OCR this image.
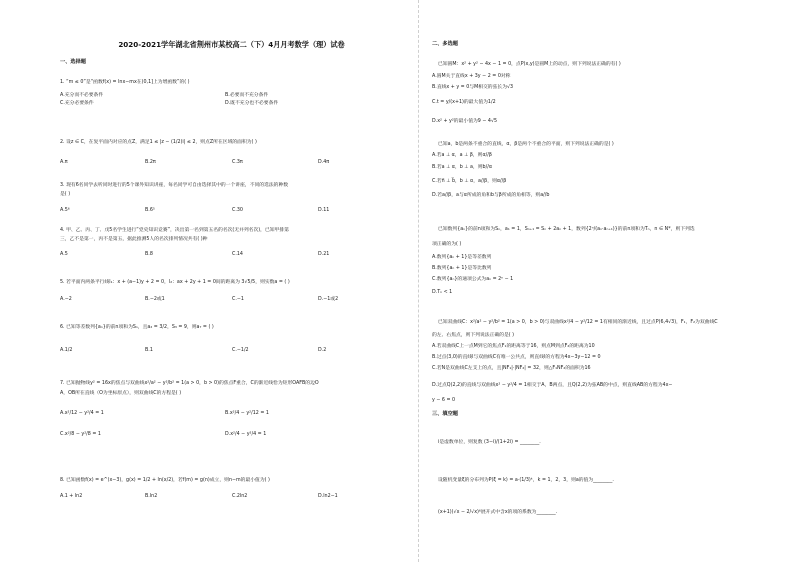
2020-2021学年湖北省荆州市某校高二（下）4月月考数学（理）试卷
一、选择题
1. “m ≤ 0”是“函数f(x) = lnx−mx在(0,1]上为增函数”的( )
A.充分而不必要条件	B.必要而不充分条件
C.充分必要条件	D.既不充分也不必要条件
2. 设z ∈ C，在复平面内对应的点Z，满足1 ≤ |z − (1/2)i| ≤ 2，则点Z所在区域的面积为( )
A.π	B.2π	C.3π	D.4π
3. 现有6名同学去听同时进行的5个课外知识讲座，每名同学可自由选择其中的一个讲座，不同的选法的种数
是( )
A.5⁶	B.6⁵	C.30	D.11
4. 甲、乙、丙、丁、戊5名学生进行“党史知识竞赛”，决出第一名到第五名的名次(无并列名次)，已知甲排第
三，乙不是第一，丙不是第五，据此推测5人的名次排列情况共有( )种
A.5	B.8	C.14	D.21
5. 若平面内两条平行线l₁：x + (a−1)y + 2 = 0，l₂：ax + 2y + 1 = 0间的距离为 3√5/5，则实数a = ( )
A.−2	B.−2或1	C.−1	D.−1或2
6. 已知等差数列{aₙ}的前n项和为Sₙ，且a₂ = 3/2，S₃ = 9，则a₇ = ( )
A.1/2	B.1	C.−1/2	D.2
7. 已知抛物线y² = 16x的焦点与双曲线x²/a² − y²/b² = 1(a > 0，b > 0)的焦点F重合，C的渐近线恰为矩形OAFB的边O
A，OB所在直线（O为坐标原点），则双曲线C的方程是( )
A.x²/12 − y²/4 = 1	B.x²/4 − y²/12 = 1
C.x²/8 − y²/8 = 1	D.x²/4 − y²/4 = 1
8. 已知函数f(x) = e^(x−3)，g(x) = 1/2 + ln(x/2)，若f(m) = g(n)成立，则n−m的最小值为( )
A.1 + ln2	B.ln2	C.2ln2	D.ln2−1
二、多选题
已知圆M：x² + y² − 4x − 1 = 0，点P(x,y)是圆M上的动点，则下列说法正确的有( )
A.圆M关于直线x + 3y − 2 = 0对称
B.直线x + y = 0与M相交的弦长为√3
C.t = y/(x+1)的最大值为1/2
D.x² + y²的最小值为9 − 4√5
已知a，b是两条不重合的直线，α，β是两个不重合的平面，则下列说法正确的是( )
A.若a ⊥ α，a ⊥ β，则α//β
B.若a ⊥ α，b ⊥ a，则b//α
C.若n⃗ ⊥ b⃗，b ⊥ α，a//β，则α//β
D.若a//β，a与α所成的角和b与β所成的角相等，则a//b
已知数列{aₙ}的前n项和为Sₙ，a₁ = 1，Sₙ₊₁ = Sₙ + 2aₙ + 1，数列{2ⁿ/(aₙ·aₙ₊₁)}的前n项和为Tₙ，n ∈ N*，则下列选
项正确的为( )
A.数列{aₙ + 1}是等差数列
B.数列{aₙ + 1}是等比数列
C.数列{aₙ}的通项公式为aₙ = 2ⁿ − 1
D.Tₙ < 1
已知双曲线C：x²/a² − y²/b² = 1(a > 0，b > 0)与双曲线x²/4 − y²/12 = 1有相同的渐近线，且过点P(6,4√3)，F₁，F₂为双曲线C
的左、右焦点，则下列说法正确的是( )
A.若双曲线C上一点M到它的焦点F₁的距离等于16，则点M到点F₂的距离为10
B.过点(3,0)的直线l与双曲线C有唯一公共点，则直线l的方程为4x−3y−12 = 0
C.若N是双曲线C左支上的点，且|NF₁|·|NF₂| = 32，则△F₁NF₂的面积为16
D.过点Q(2,2)的直线与双曲线x² − y²/4 = 1相交于A，B两点，且Q(2,2)为弦AB的中点，则直线AB的方程为4x−
y − 6 = 0
三、填空题
i是虚数单位，则复数 (3−i)/(1+2i) = ________.
设随机变量ξ的分布列为P(ξ = k) = a·(1/3)ᵏ，k = 1，2，3，则a的值为________.
(x+1)(√x − 2/√x)⁶展开式中含x的项的系数为________.
